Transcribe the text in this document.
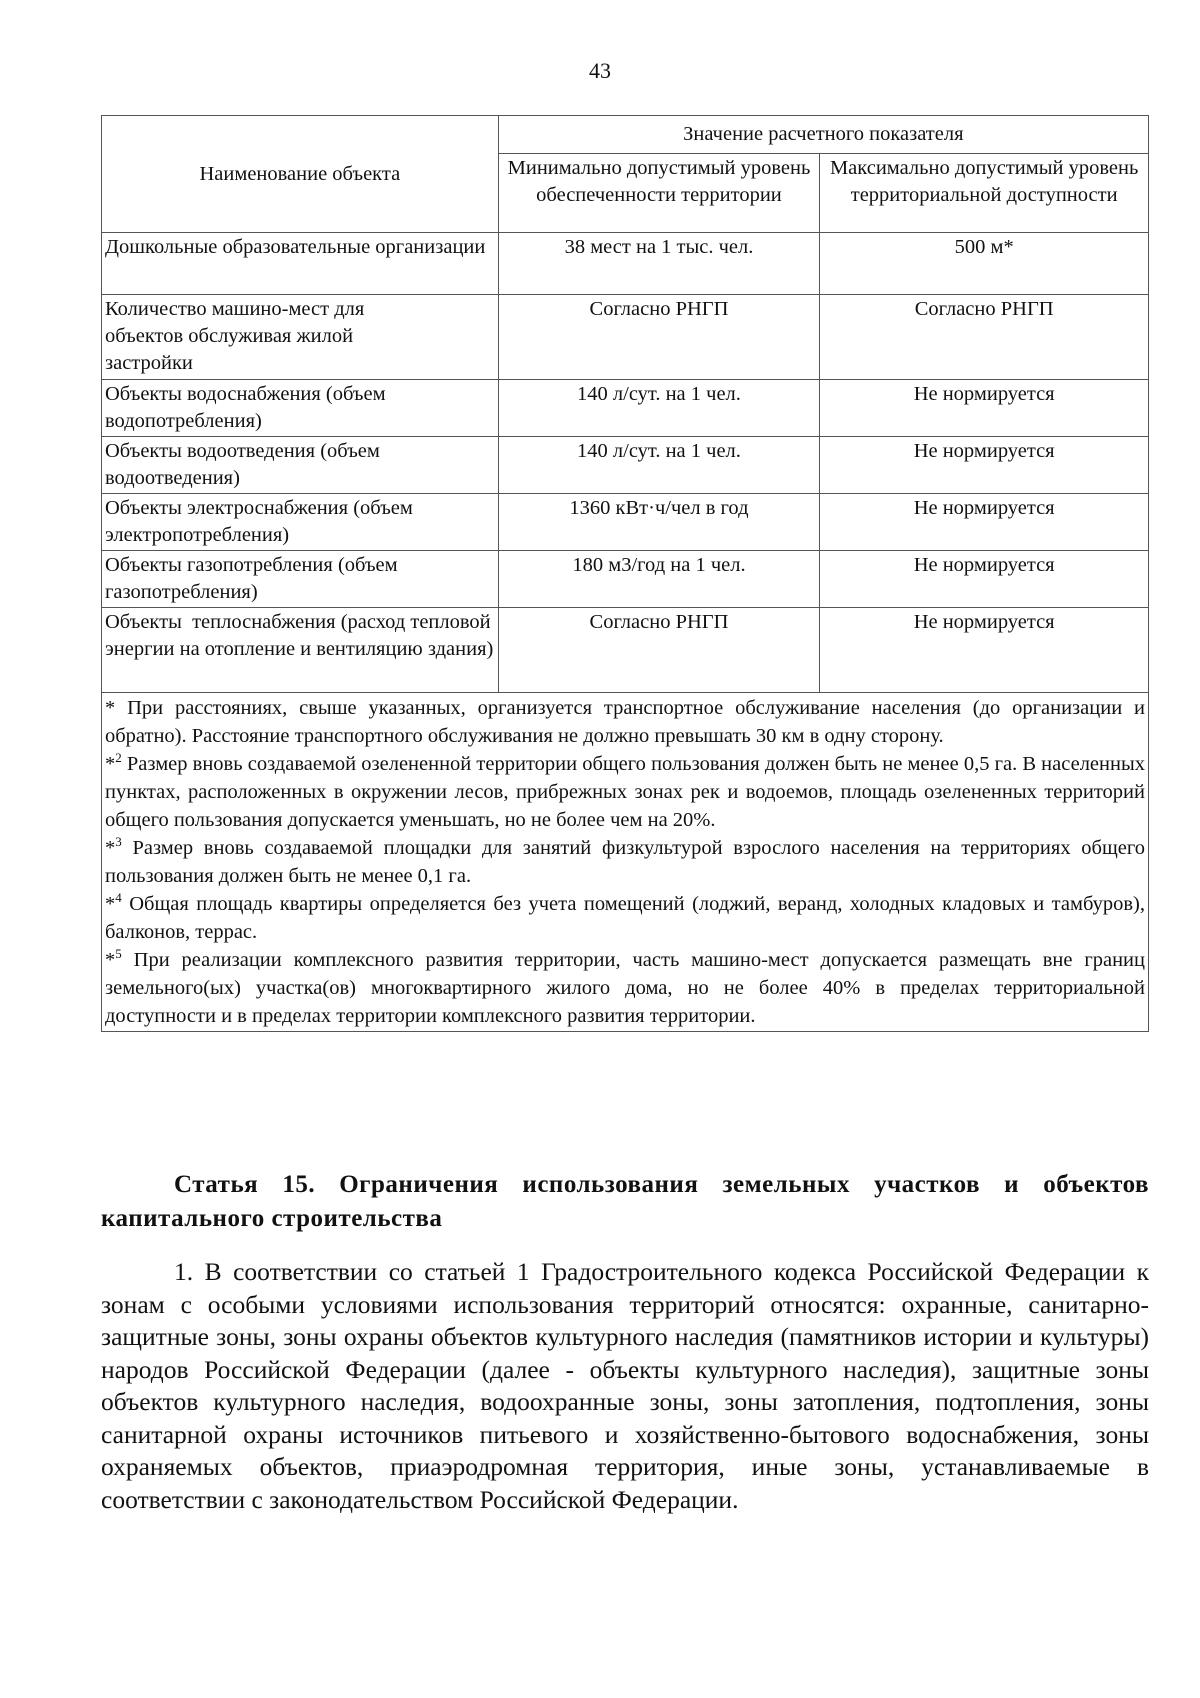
43
Наименование объекта	Значение расчетного показателя	
	Минимально допустимый уровень обеспеченности территории	Максимально допустимый уровень территориальной доступности
Дошкольные образовательные организации	38 мест на 1 тыс. чел.	500 м*
Количество машино-мест для объектов обслуживая жилой застройки	Согласно РНГП	Согласно РНГП
Объекты водоснабжения (объем водопотребления)	140 л/сут. на 1 чел.	Не нормируется
Объекты водоотведения (объем водоотведения)	140 л/сут. на 1 чел.	Не нормируется
Объекты электроснабжения (объем электропотребления)	1360 кВт·ч/чел в год	Не нормируется
Объекты газопотребления (объем газопотребления)	180 м3/год на 1 чел.	Не нормируется
Объекты  теплоснабжения (расход тепловой энергии на отопление и вентиляцию здания)	Согласно РНГП	Не нормируется

* При расстояниях, свыше указанных, организуется транспортное обслуживание населения (до организации и обратно). Расстояние транспортного обслуживания не должно превышать 30 км в одну сторону.
*$^2$ Размер вновь создаваемой озелененной территории общего пользования должен быть не менее 0,5 га. В населенных пунктах, расположенных в окружении лесов, прибрежных зонах рек и водоемов, площадь озелененных территорий общего пользования допускается уменьшать, но не более чем на 20%.
*$^3$ Размер вновь создаваемой площадки для занятий физкультурой взрослого населения на территориях общего пользования должен быть не менее 0,1 га.
*$^4$ Общая площадь квартиры определяется без учета помещений (лоджий, веранд, холодных кладовых и тамбуров), балконов, террас.
*$^5$ При реализации комплексного развития территории, часть машино-мест допускается размещать вне границ земельного(ых) участка(ов) многоквартирного жилого дома, но не более 40% в пределах территориальной доступности и в пределах территории комплексного развития территории.		
Статья 15. Ограничения использования земельных участков и объектов капитального строительства
1. В соответствии со статьей 1 Градостроительного кодекса Российской Федерации к зонам с особыми условиями использования территорий относятся: охранные, санитарно-защитные зоны, зоны охраны объектов культурного наследия (памятников истории и культуры) народов Российской Федерации (далее - объекты культурного наследия), защитные зоны объектов культурного наследия, водоохранные зоны, зоны затопления, подтопления, зоны санитарной охраны источников питьевого и хозяйственно-бытового водоснабжения, зоны охраняемых объектов, приаэродромная территория, иные зоны, устанавливаемые в соответствии с законодательством Российской Федерации.
